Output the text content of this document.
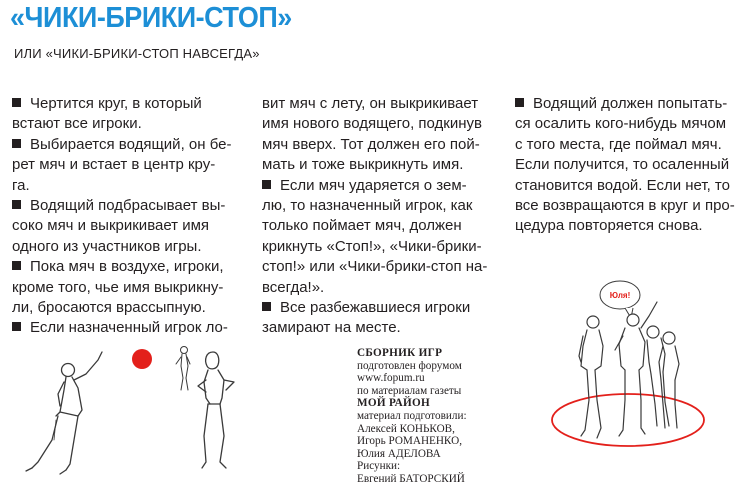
«ЧИКИ-БРИКИ-СТОП»
ИЛИ «ЧИКИ-БРИКИ-СТОП НАВСЕГДА»

Чертится круг, в который
встают все игроки.

Выбирается водящий, он бе-
рет мяч и встает в центр кру-
га.

Водящий подбрасывает вы-
соко мяч и выкрикивает имя
одного из участников игры.

Пока мяч в воздухе, игроки,
кроме того, чье имя выкрикну-
ли, бросаются врассыпную.

Если назначенный игрок ло-

вит мяч с лету, он выкрикивает
имя нового водящего, подкинув
мяч вверх. Тот должен его пой-
мать и тоже выкрикнуть имя.

Если мяч ударяется о зем-
лю, то назначенный игрок, как
только поймает мяч, должен
крикнуть «Стоп!», «Чики-брики-
стоп!» или «Чики-брики-стоп на-
всегда!».

Все разбежавшиеся игроки
замирают на месте.

Водящий должен попытать-
ся осалить кого-нибудь мячом
с того места, где поймал мяч.
Если получится, то осаленный
становится водой. Если нет, то
все возвращаются в круг и про-
цедура повторяется снова.

СБОРНИК ИГР
подготовлен форумом
www.fopum.ru
по материалам газеты
МОЙ РАЙОН
материал подготовили:
Алексей КОНЬКОВ,
Игорь РОМАНЕНКО,
Юлия АДЕЛОВА
Рисунки:
Евгений БАТОРСКИЙ
Юля!
